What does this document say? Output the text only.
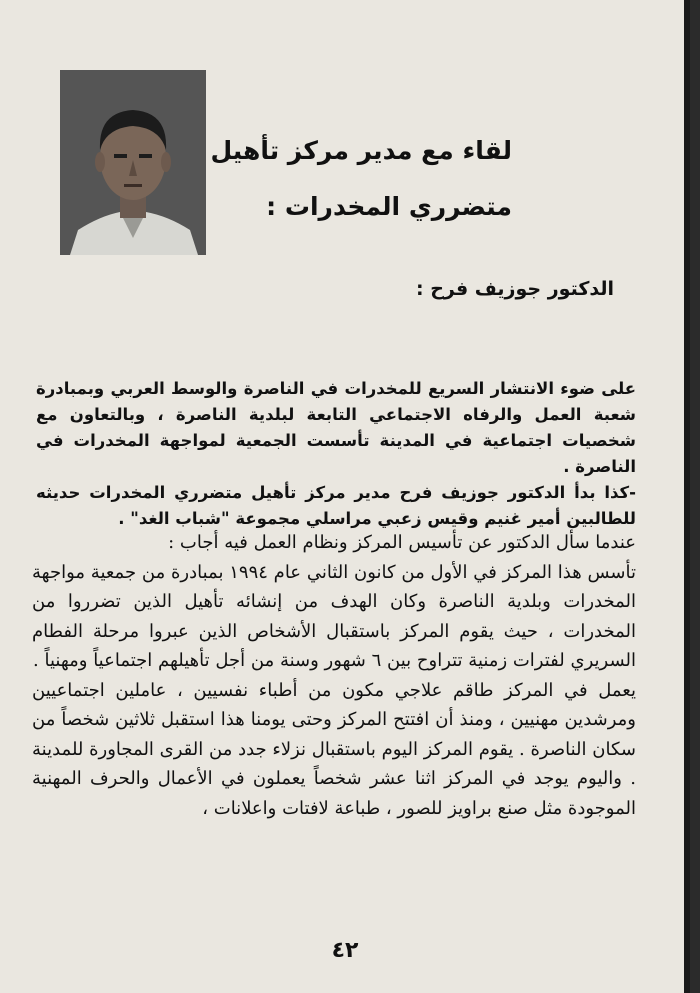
لقاء مع مدير مركز تأهيل
متضرري المخدرات :
الدكتور جوزيف فرح :

على ضوء الانتشار السريع للمخدرات في الناصرة والوسط العربي وبمبادرة شعبة العمل والرفاه الاجتماعي التابعة لبلدية الناصرة ، وبالتعاون مع شخصيات اجتماعية في المدينة تأسست الجمعية لمواجهة المخدرات في الناصرة .

-كذا بدأ الدكتور جوزيف فرح مدير مركز تأهيل متضرري المخدرات حديثه للطالبين أمير غنيم وقيس زعبي مراسلي مجموعة "شباب الغد" .

عندما سأل الدكتور عن تأسيس المركز ونظام العمل فيه أجاب :

تأسس هذا المركز في الأول من كانون الثاني عام ١٩٩٤ بمبادرة من جمعية مواجهة المخدرات وبلدية الناصرة وكان الهدف من إنشائه تأهيل الذين تضرروا من المخدرات ، حيث يقوم المركز باستقبال الأشخاص الذين عبروا مرحلة الفطام السريري لفترات زمنية تتراوح بين ٦ شهور وسنة من أجل تأهيلهم اجتماعياً ومهنياً .

يعمل في المركز طاقم علاجي مكون من أطباء نفسيين ، عاملين اجتماعيين ومرشدين مهنيين ، ومنذ أن افتتح المركز وحتى يومنا هذا استقبل ثلاثين شخصاً من سكان الناصرة . يقوم المركز اليوم باستقبال نزلاء جدد من القرى المجاورة للمدينة . واليوم يوجد في المركز اثنا عشر شخصاً يعملون في الأعمال والحرف المهنية الموجودة مثل صنع براويز للصور ، طباعة لافتات واعلانات ،

٤٢
